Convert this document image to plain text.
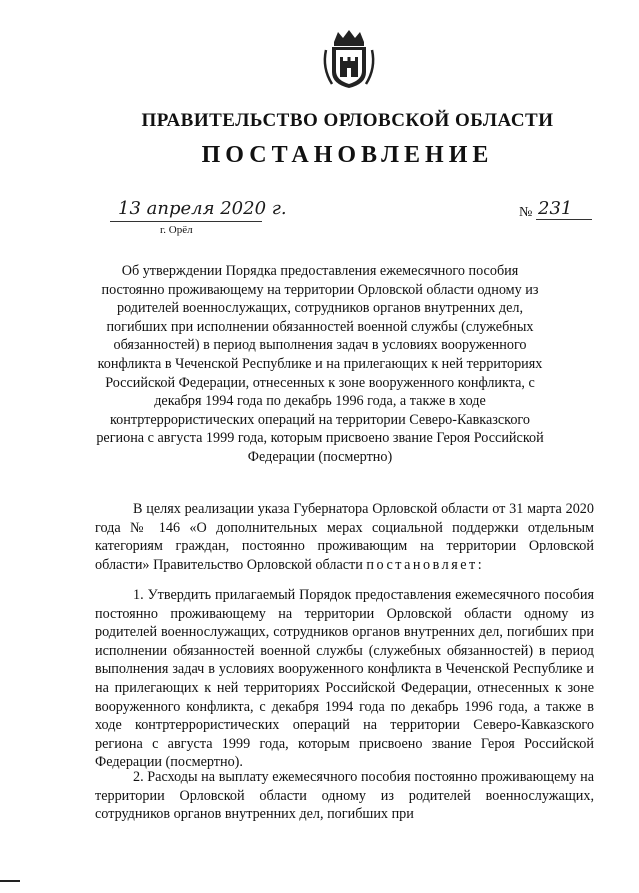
ПРАВИТЕЛЬСТВО ОРЛОВСКОЙ ОБЛАСТИ
ПОСТАНОВЛЕНИЕ
13 апреля 2020 г.
г. Орёл
№ 231
Об утверждении Порядка предоставления ежемесячного пособия постоянно проживающему на территории Орловской области одному из родителей военнослужащих, сотрудников органов внутренних дел, погибших при исполнении обязанностей военной службы (служебных обязанностей) в период выполнения задач в условиях вооруженного конфликта в Чеченской Республике и на прилегающих к ней территориях Российской Федерации, отнесенных к зоне вооруженного конфликта, с декабря 1994 года по декабрь 1996 года, а также в ходе контртеррористических операций на территории Северо-Кавказского региона с августа 1999 года, которым присвоено звание Героя Российской Федерации (посмертно)

В целях реализации указа Губернатора Орловской области от 31 марта 2020 года № 146 «О дополнительных мерах социальной поддержки отдельным категориям граждан, постоянно проживающим на территории Орловской области» Правительство Орловской области постановляет:

1. Утвердить прилагаемый Порядок предоставления ежемесячного пособия постоянно проживающему на территории Орловской области одному из родителей военнослужащих, сотрудников органов внутренних дел, погибших при исполнении обязанностей военной службы (служебных обязанностей) в период выполнения задач в условиях вооруженного конфликта в Чеченской Республике и на прилегающих к ней территориях Российской Федерации, отнесенных к зоне вооруженного конфликта, с декабря 1994 года по декабрь 1996 года, а также в ходе контртеррористических операций на территории Северо-Кавказского региона с августа 1999 года, которым присвоено звание Героя Российской Федерации (посмертно).

2. Расходы на выплату ежемесячного пособия постоянно проживающему на территории Орловской области одному из родителей военнослужащих, сотрудников органов внутренних дел, погибших при
